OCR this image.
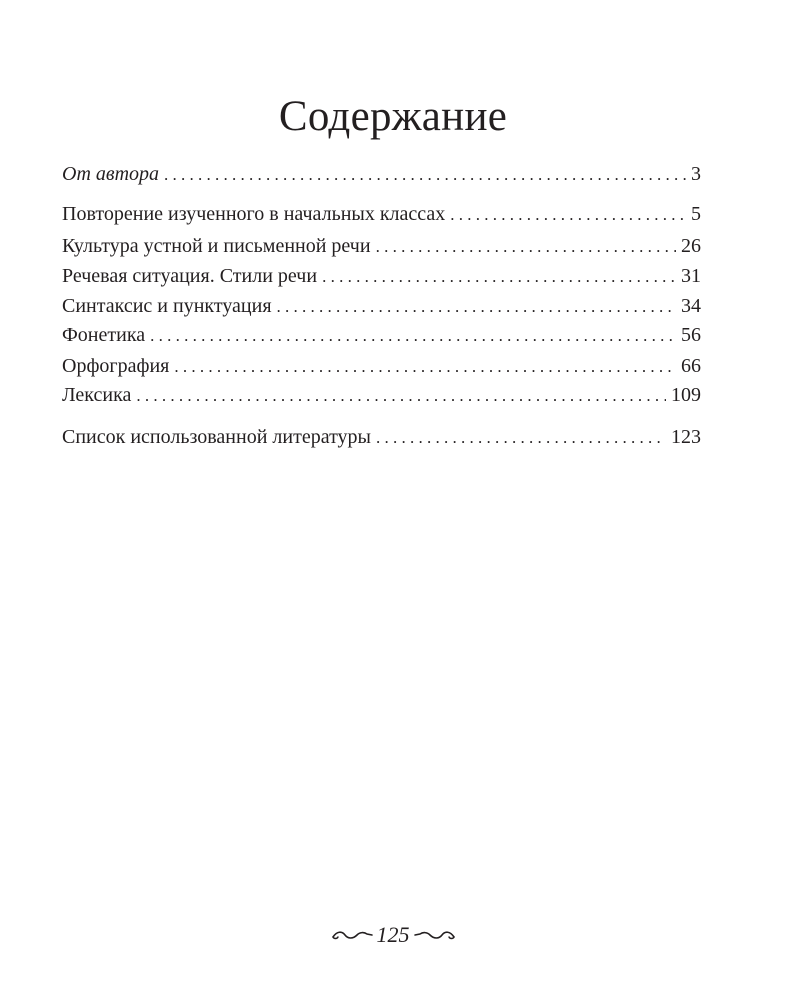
Содержание
От автора . . .	3
Повторение изученного в начальных классах . . .	5
Культура устной и письменной речи . . .	26
Речевая ситуация. Стили речи . . .	31
Синтаксис и пунктуация . . .	34
Фонетика . . .	56
Орфография . . .	66
Лексика . . .	109
Список использованной литературы . . .	123
125
